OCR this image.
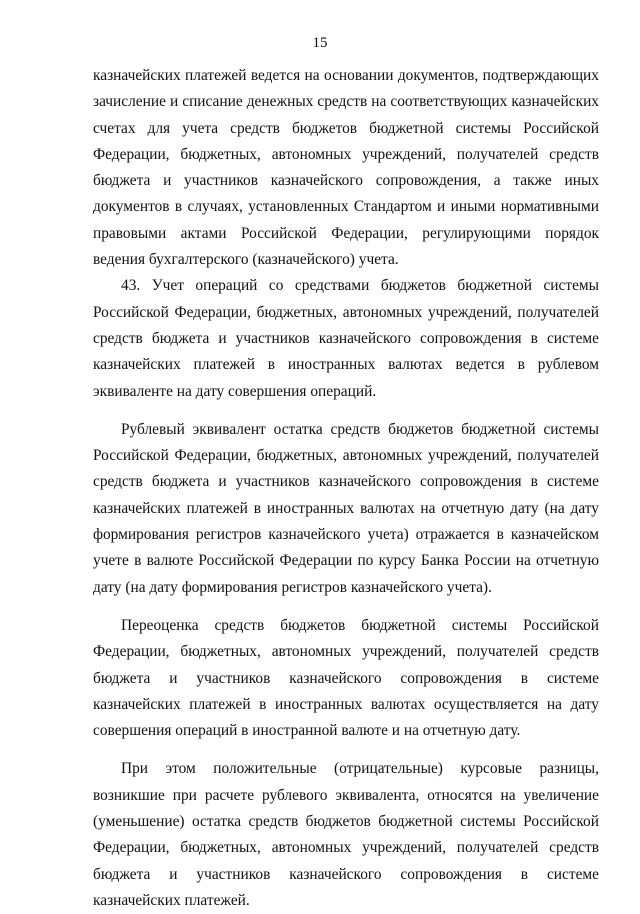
15

казначейских платежей ведется на основании документов, подтверждающих зачисление и списание денежных средств на соответствующих казначейских счетах для учета средств бюджетов бюджетной системы Российской Федерации, бюджетных, автономных учреждений, получателей средств бюджета и участников казначейского сопровождения, а также иных документов в случаях, установленных Стандартом и иными нормативными правовыми актами Российской Федерации, регулирующими порядок ведения бухгалтерского (казначейского) учета.

43. Учет операций со средствами бюджетов бюджетной системы Российской Федерации, бюджетных, автономных учреждений, получателей средств бюджета и участников казначейского сопровождения в системе казначейских платежей в иностранных валютах ведется в рублевом эквиваленте на дату совершения операций.

Рублевый эквивалент остатка средств бюджетов бюджетной системы Российской Федерации, бюджетных, автономных учреждений, получателей средств бюджета и участников казначейского сопровождения в системе казначейских платежей в иностранных валютах на отчетную дату (на дату формирования регистров казначейского учета) отражается в казначейском учете в валюте Российской Федерации по курсу Банка России на отчетную дату (на дату формирования регистров казначейского учета).

Переоценка средств бюджетов бюджетной системы Российской Федерации, бюджетных, автономных учреждений, получателей средств бюджета и участников казначейского сопровождения в системе казначейских платежей в иностранных валютах осуществляется на дату совершения операций в иностранной валюте и на отчетную дату.

При этом положительные (отрицательные) курсовые разницы, возникшие при расчете рублевого эквивалента, относятся на увеличение (уменьшение) остатка средств бюджетов бюджетной системы Российской Федерации, бюджетных, автономных учреждений, получателей средств бюджета и участников казначейского сопровождения в системе казначейских платежей.
